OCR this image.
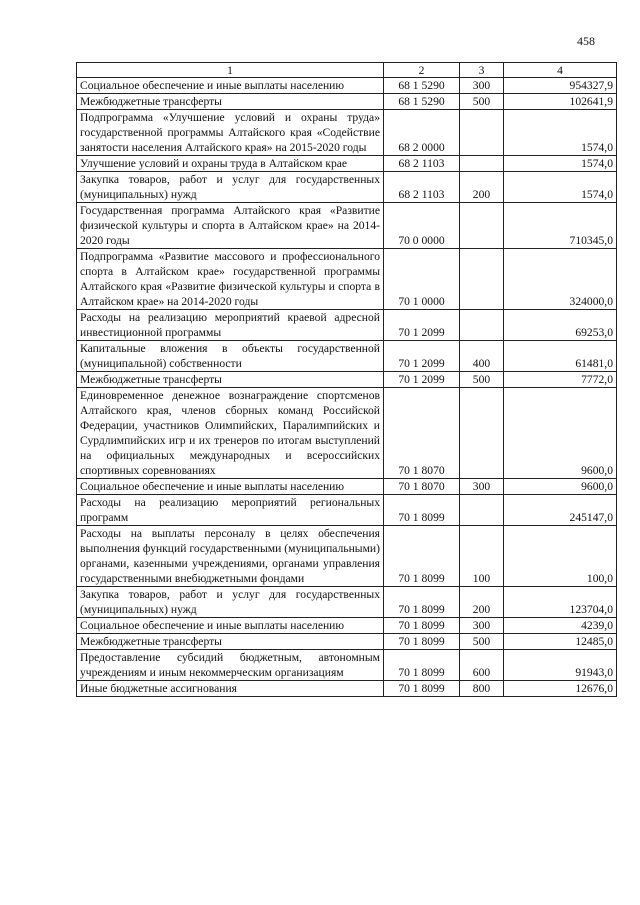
458
1	2	3	4
Социальное обеспечение и иные выплаты населению	68 1 5290	300	954327,9
Межбюджетные трансферты	68 1 5290	500	102641,9
Подпрограмма «Улучшение условий и охраны труда» государственной программы Алтайского края «Содействие занятости населения Алтайского края» на 2015-2020 годы	68 2 0000		1574,0
Улучшение условий и охраны труда в Алтайском крае	68 2 1103		1574,0
Закупка товаров, работ и услуг для государственных (муниципальных) нужд	68 2 1103	200	1574,0
Государственная программа Алтайского края «Развитие физической культуры и спорта в Алтайском крае» на 2014-2020 годы	70 0 0000		710345,0
Подпрограмма «Развитие массового и профессионального спорта в Алтайском крае» государственной программы Алтайского края «Развитие физической культуры и спорта в Алтайском крае» на 2014-2020 годы	70 1 0000		324000,0
Расходы на реализацию мероприятий краевой адресной инвестиционной программы	70 1 2099		69253,0
Капитальные вложения в объекты государственной (муниципальной) собственности	70 1 2099	400	61481,0
Межбюджетные трансферты	70 1 2099	500	7772,0
Единовременное денежное вознаграждение спортсменов Алтайского края, членов сборных команд Российской Федерации, участников Олимпийских, Паралимпийских и Сурдлимпийских игр и их тренеров по итогам выступлений на официальных международных и всероссийских спортивных соревнованиях	70 1 8070		9600,0
Социальное обеспечение и иные выплаты населению	70 1 8070	300	9600,0
Расходы на реализацию мероприятий региональных программ	70 1 8099		245147,0
Расходы на выплаты персоналу в целях обеспечения выполнения функций государственными (муниципальными) органами, казенными учреждениями, органами управления государственными внебюджетными фондами	70 1 8099	100	100,0
Закупка товаров, работ и услуг для государственных (муниципальных) нужд	70 1 8099	200	123704,0
Социальное обеспечение и иные выплаты населению	70 1 8099	300	4239,0
Межбюджетные трансферты	70 1 8099	500	12485,0
Предоставление субсидий бюджетным, автономным учреждениям и иным некоммерческим организациям	70 1 8099	600	91943,0
Иные бюджетные ассигнования	70 1 8099	800	12676,0
